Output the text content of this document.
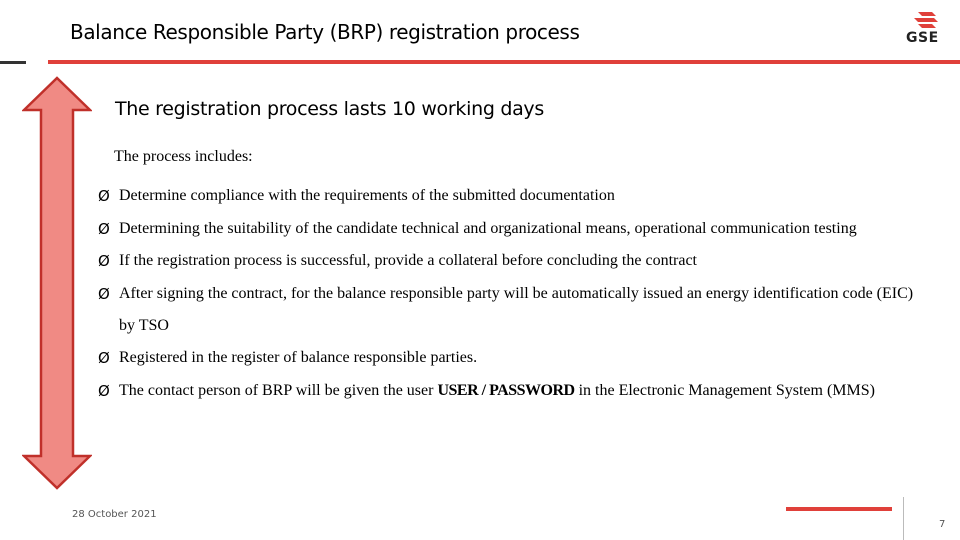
Balance Responsible Party (BRP) registration process	GSE
The registration process lasts 10 working days
The process includes:
Ø Determine compliance with the requirements of the submitted documentation
Ø Determining the suitability of the candidate technical and organizational means, operational communication testing
Ø If the registration process is successful, provide a collateral before concluding the contract
Ø After signing the contract, for the balance responsible party will be automatically issued an energy identification code (EIC) by TSO
Ø Registered in the register of balance responsible parties.
Ø The contact person of BRP will be given the user USER / PASSWORD in the Electronic Management System (MMS)
28 October 2021
7
